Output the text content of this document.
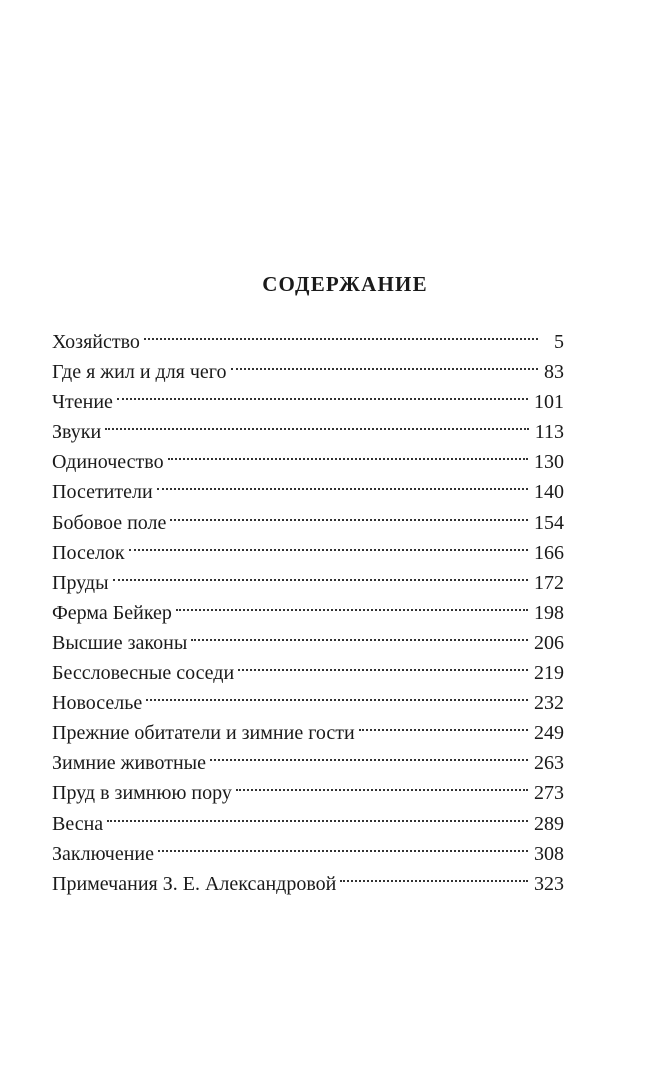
СОДЕРЖАНИЕ
Хозяйство	5
Где я жил и для чего	83
Чтение	101
Звуки	113
Одиночество	130
Посетители	140
Бобовое поле	154
Поселок	166
Пруды	172
Ферма Бейкер	198
Высшие законы	206
Бессловесные соседи	219
Новоселье	232
Прежние обитатели и зимние гости	249
Зимние животные	263
Пруд в зимнюю пору	273
Весна	289
Заключение	308
Примечания З. Е. Александровой	323
